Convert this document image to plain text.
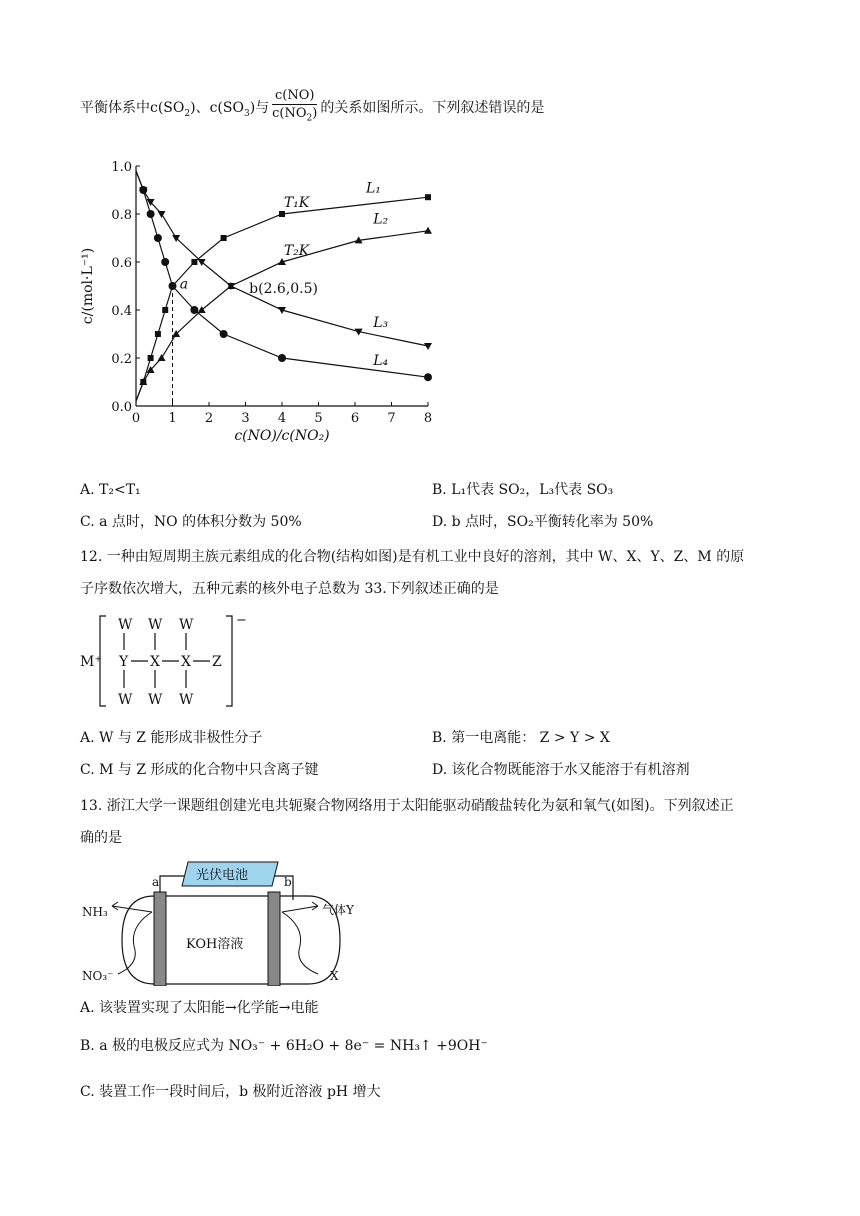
平衡体系中$c(SO_2)$、$c(SO_3)$与 $\frac{c(NO)}{c(NO_2)}$ 的关系如图所示。下列叙述错误的是
0 1 2 3 4 5 6 7 8
0.0
0.2
0.4
0.6
0.8
1.0
c(NO)/c(NO₂)
c/(mol·L⁻¹)
T₁K
T₂K
L₁
L₂
L₃
L₄
a	b(2.6,0.5)
A. T₂<T₁	B. L₁代表 SO₂，L₃代表 SO₃
C. a 点时，NO 的体积分数为 50%	D. b 点时，SO₂平衡转化率为 50%
12. 一种由短周期主族元素组成的化合物(结构如图)是有机工业中良好的溶剂，其中 W、X、Y、Z、M 的原
子序数依次增大，五种元素的核外电子总数为 33.下列叙述正确的是
−
M⁺
W W W
Y X X Z
W W W
A. W 与 Z 能形成非极性分子	B. 第一电离能： Z > Y > X
C. M 与 Z 形成的化合物中只含离子键	D. 该化合物既能溶于水又能溶于有机溶剂
13. 浙江大学一课题组创建光电共轭聚合物网络用于太阳能驱动硝酸盐转化为氨和氧气(如图)。下列叙述正
确的是
光伏电池
a	b
KOH溶液
NH₃
NO₃⁻
气体Y
X
A. 该装置实现了太阳能→化学能→电能
B. a 极的电极反应式为 NO₃⁻ + 6H₂O + 8e⁻ = NH₃↑ +9OH⁻
C. 装置工作一段时间后，b 极附近溶液 pH 增大
